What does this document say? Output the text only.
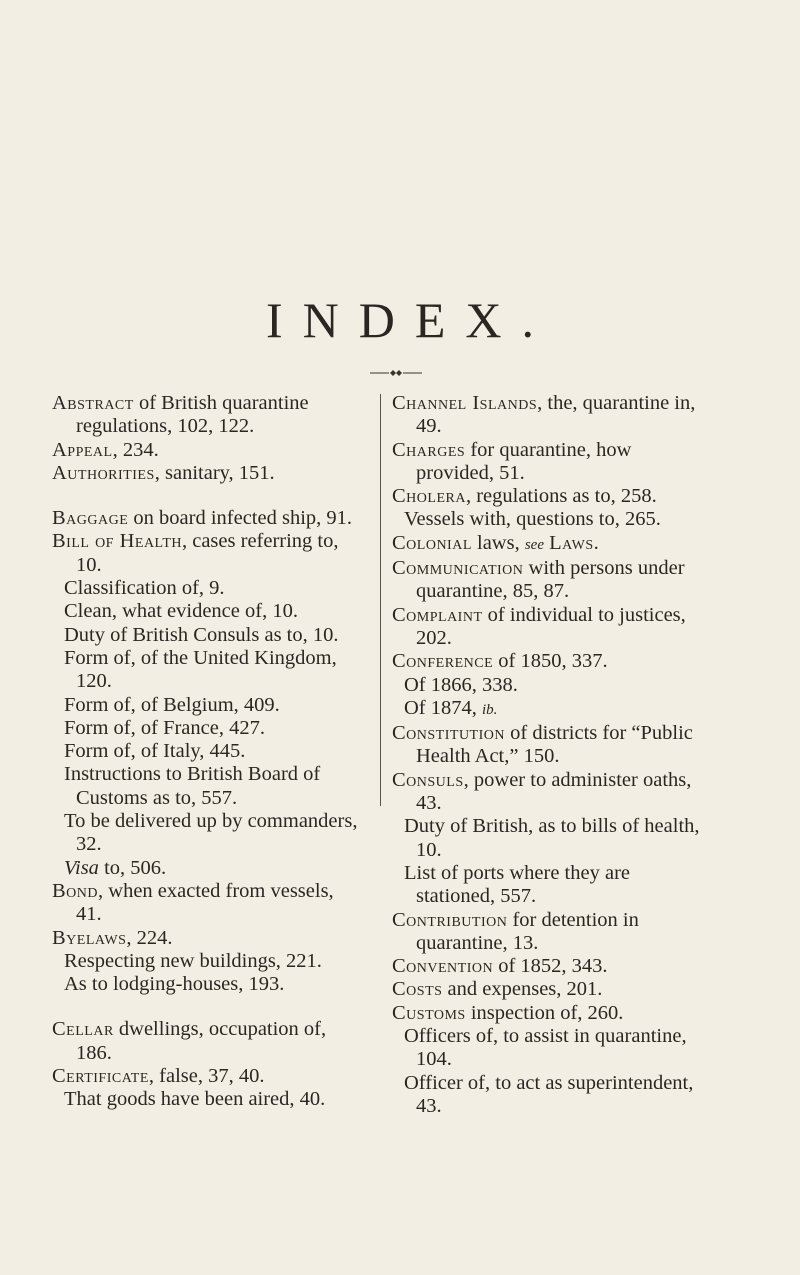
INDEX.

Abstract of British quarantine regulations, 102, 122.

Appeal, 234.

Authorities, sanitary, 151.

Baggage on board infected ship, 91.

Bill of Health, cases referring to, 10.

Classification of, 9.

Clean, what evidence of, 10.

Duty of British Consuls as to, 10.

Form of, of the United Kingdom, 120.

Form of, of Belgium, 409.

Form of, of France, 427.

Form of, of Italy, 445.

Instructions to British Board of Customs as to, 557.

To be delivered up by commanders, 32.

Visa to, 506.

Bond, when exacted from vessels, 41.

Byelaws, 224.

Respecting new buildings, 221.

As to lodging-houses, 193.

Cellar dwellings, occupation of, 186.

Certificate, false, 37, 40.

That goods have been aired, 40.

Channel Islands, the, quarantine in, 49.

Charges for quarantine, how provided, 51.

Cholera, regulations as to, 258.

Vessels with, questions to, 265.

Colonial laws, see Laws.

Communication with persons under quarantine, 85, 87.

Complaint of individual to justices, 202.

Conference of 1850, 337.

Of 1866, 338.

Of 1874, ib.

Constitution of districts for “Public Health Act,” 150.

Consuls, power to administer oaths, 43.

Duty of British, as to bills of health, 10.

List of ports where they are stationed, 557.

Contribution for detention in quarantine, 13.

Convention of 1852, 343.

Costs and expenses, 201.

Customs inspection of, 260.

Officers of, to assist in quarantine, 104.

Officer of, to act as superintendent, 43.
